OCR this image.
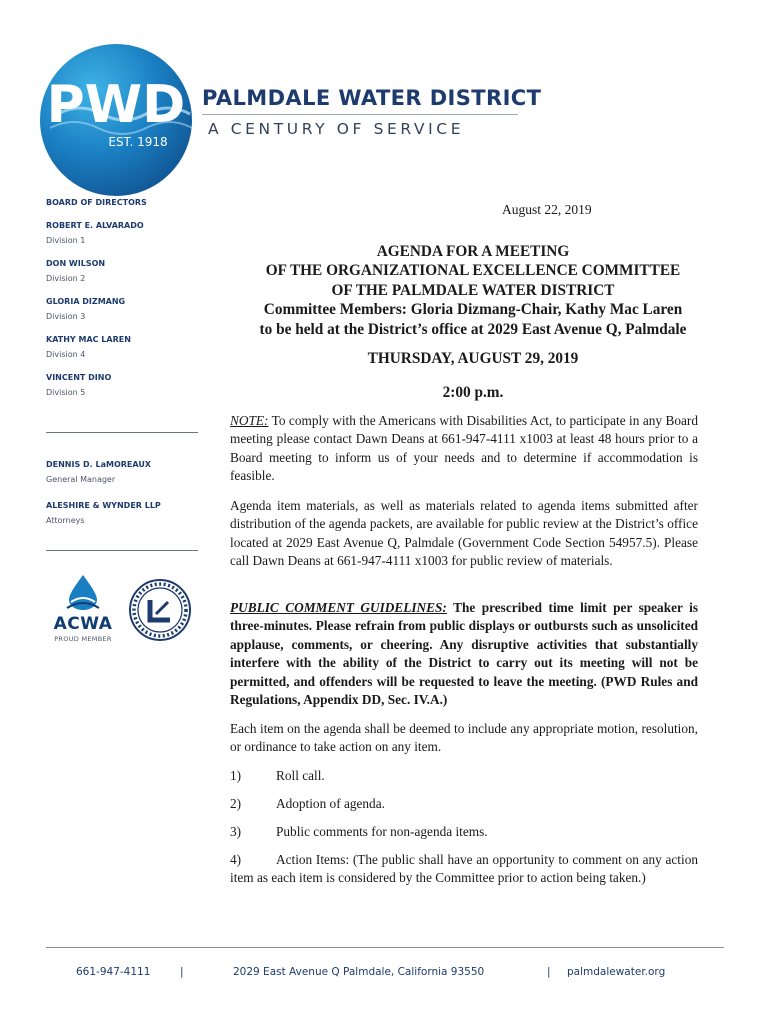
PWD
EST. 1918
PALMDALE WATER DISTRICT
A CENTURY OF SERVICE
BOARD OF DIRECTORS
ROBERT E. ALVARADO
Division 1
DON WILSON
Division 2
GLORIA DIZMANG
Division 3
KATHY MAC LAREN
Division 4
VINCENT DINO
Division 5
DENNIS D. LaMOREAUX
General Manager
ALESHIRE & WYNDER LLP
Attorneys
ACWA
PROUD MEMBER
August 22, 2019
AGENDA FOR A MEETING
OF THE ORGANIZATIONAL EXCELLENCE COMMITTEE
OF THE PALMDALE WATER DISTRICT
Committee Members: Gloria Dizmang-Chair, Kathy Mac Laren
to be held at the District’s office at 2029 East Avenue Q, Palmdale
THURSDAY, AUGUST 29, 2019
2:00 p.m.
NOTE: To comply with the Americans with Disabilities Act, to participate in any Board meeting please contact Dawn Deans at 661-947-4111 x1003 at least 48 hours prior to a Board meeting to inform us of your needs and to determine if accommodation is feasible.
Agenda item materials, as well as materials related to agenda items submitted after distribution of the agenda packets, are available for public review at the District’s office located at 2029 East Avenue Q, Palmdale (Government Code Section 54957.5). Please call Dawn Deans at 661-947-4111 x1003 for public review of materials.
PUBLIC COMMENT GUIDELINES: The prescribed time limit per speaker is three-minutes. Please refrain from public displays or outbursts such as unsolicited applause, comments, or cheering. Any disruptive activities that substantially interfere with the ability of the District to carry out its meeting will not be permitted, and offenders will be requested to leave the meeting. (PWD Rules and Regulations, Appendix DD, Sec. IV.A.)
Each item on the agenda shall be deemed to include any appropriate motion, resolution, or ordinance to take action on any item.
1)	Roll call.
2)	Adoption of agenda.
3)	Public comments for non-agenda items.
4)	Action Items: (The public shall have an opportunity to comment on any action item as each item is considered by the Committee prior to action being taken.)
661-947-4111	|	2029 East Avenue Q Palmdale, California 93550	| palmdalewater.org
